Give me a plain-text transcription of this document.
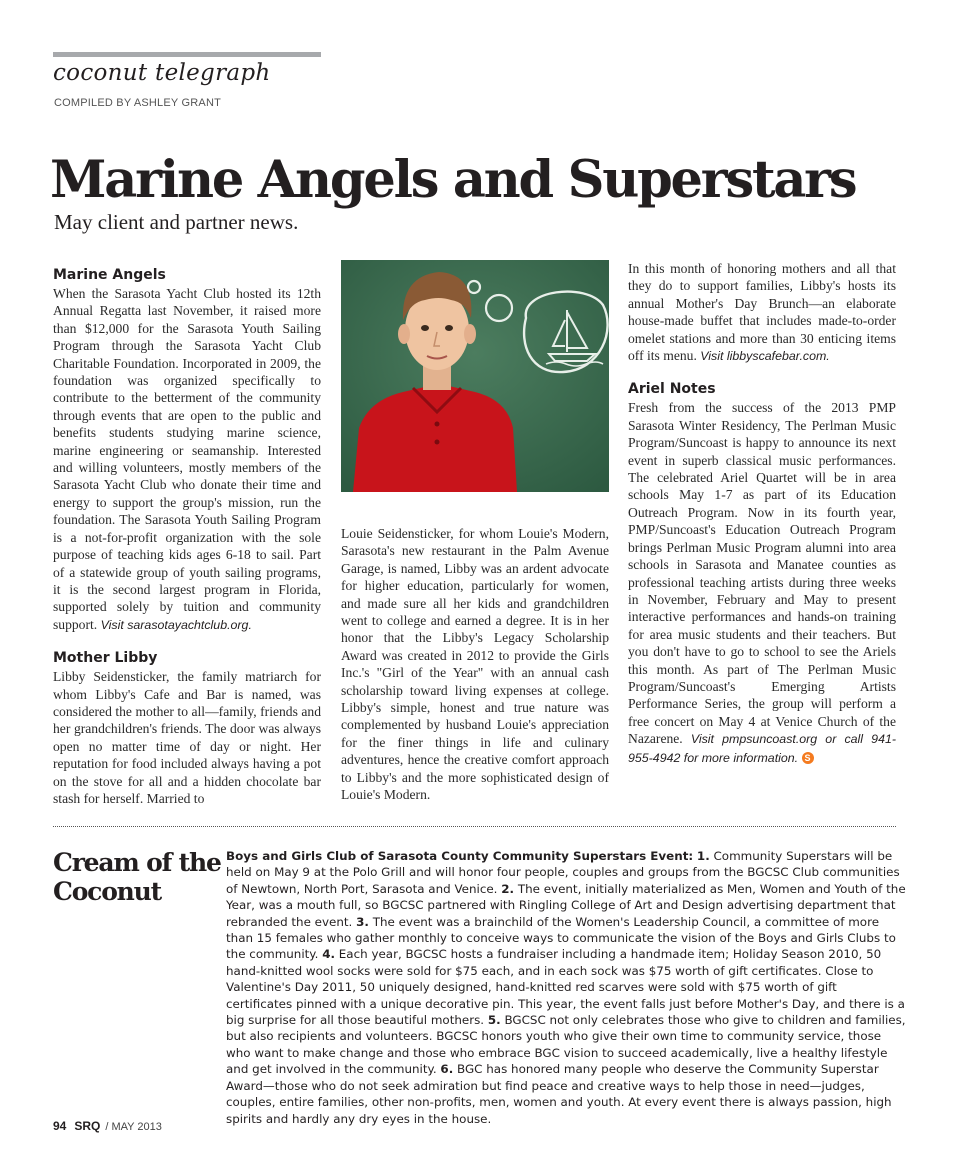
coconut telegraph
COMPILED BY ASHLEY GRANT
Marine Angels and Superstars
May client and partner news.
Marine Angels

When the Sarasota Yacht Club hosted its 12th Annual Regatta last November, it raised more than $12,000 for the Sarasota Youth Sailing Program through the Sarasota Yacht Club Charitable Foundation. Incorporated in 2009, the foundation was organized specifically to contribute to the betterment of the community through events that are open to the public and benefits students studying marine science, marine engineering or seamanship. Interested and willing volunteers, mostly members of the Sarasota Yacht Club who donate their time and energy to support the group's mission, run the foundation. The Sarasota Youth Sailing Program is a not-for-profit organization with the sole purpose of teaching kids ages 6-18 to sail. Part of a statewide group of youth sailing programs, it is the second largest program in Florida, supported solely by tuition and community support. Visit sarasotayachtclub.org.

Mother Libby

Libby Seidensticker, the family matriarch for whom Libby's Cafe and Bar is named, was considered the mother to all—family, friends and her grandchildren's friends. The door was always open no matter time of day or night. Her reputation for food included always having a pot on the stove for all and a hidden chocolate bar stash for herself. Married to

Louie Seidensticker, for whom Louie's Modern, Sarasota's new restaurant in the Palm Avenue Garage, is named, Libby was an ardent advocate for higher education, particularly for women, and made sure all her kids and grandchildren went to college and earned a degree. It is in her honor that the Libby's Legacy Scholarship Award was created in 2012 to provide the Girls Inc.'s "Girl of the Year" with an annual cash scholarship toward living expenses at college. Libby's simple, honest and true nature was complemented by husband Louie's appreciation for the finer things in life and culinary adventures, hence the creative comfort approach to Libby's and the more sophisticated design of Louie's Modern.

In this month of honoring mothers and all that they do to support families, Libby's hosts its annual Mother's Day Brunch—an elaborate house-made buffet that includes made-to-order omelet stations and more than 30 enticing items off its menu. Visit libbyscafebar.com.

Ariel Notes

Fresh from the success of the 2013 PMP Sarasota Winter Residency, The Perlman Music Program/Suncoast is happy to announce its next event in superb classical music performances. The celebrated Ariel Quartet will be in area schools May 1-7 as part of its Education Outreach Program. Now in its fourth year, PMP/Suncoast's Education Outreach Program brings Perlman Music Program alumni into area schools in Sarasota and Manatee counties as professional teaching artists during three weeks in November, February and May to present interactive performances and hands-on training for area music students and their teachers. But you don't have to go to school to see the Ariels this month. As part of The Perlman Music Program/Suncoast's Emerging Artists Performance Series, the group will perform a free concert on May 4 at Venice Church of the Nazarene. Visit pmpsuncoast.org or call 941-955-4942 for more information. S

Cream of the Coconut
Boys and Girls Club of Sarasota County Community Superstars Event: 1. Community Superstars will be held on May 9 at the Polo Grill and will honor four people, couples and groups from the BGCSC Club communities of Newtown, North Port, Sarasota and Venice. 2. The event, initially materialized as Men, Women and Youth of the Year, was a mouth full, so BGCSC partnered with Ringling College of Art and Design advertising department that rebranded the event. 3. The event was a brainchild of the Women's Leadership Council, a committee of more than 15 females who gather monthly to conceive ways to communicate the vision of the Boys and Girls Clubs to the community. 4. Each year, BGCSC hosts a fundraiser including a handmade item; Holiday Season 2010, 50 hand-knitted wool socks were sold for $75 each, and in each sock was $75 worth of gift certificates. Close to Valentine's Day 2011, 50 uniquely designed, hand-knitted red scarves were sold with $75 worth of gift certificates pinned with a unique decorative pin. This year, the event falls just before Mother's Day, and there is a big surprise for all those beautiful mothers. 5. BGCSC not only celebrates those who give to children and families, but also recipients and volunteers. BGCSC honors youth who give their own time to community service, those who want to make change and those who embrace BGC vision to succeed academically, live a healthy lifestyle and get involved in the community. 6. BGC has honored many people who deserve the Community Superstar Award—those who do not seek admiration but find peace and creative ways to help those in need—judges, couples, entire families, other non-profits, men, women and youth. At every event there is always passion, high spirits and hardly any dry eyes in the house.
94 SRQ / MAY 2013
